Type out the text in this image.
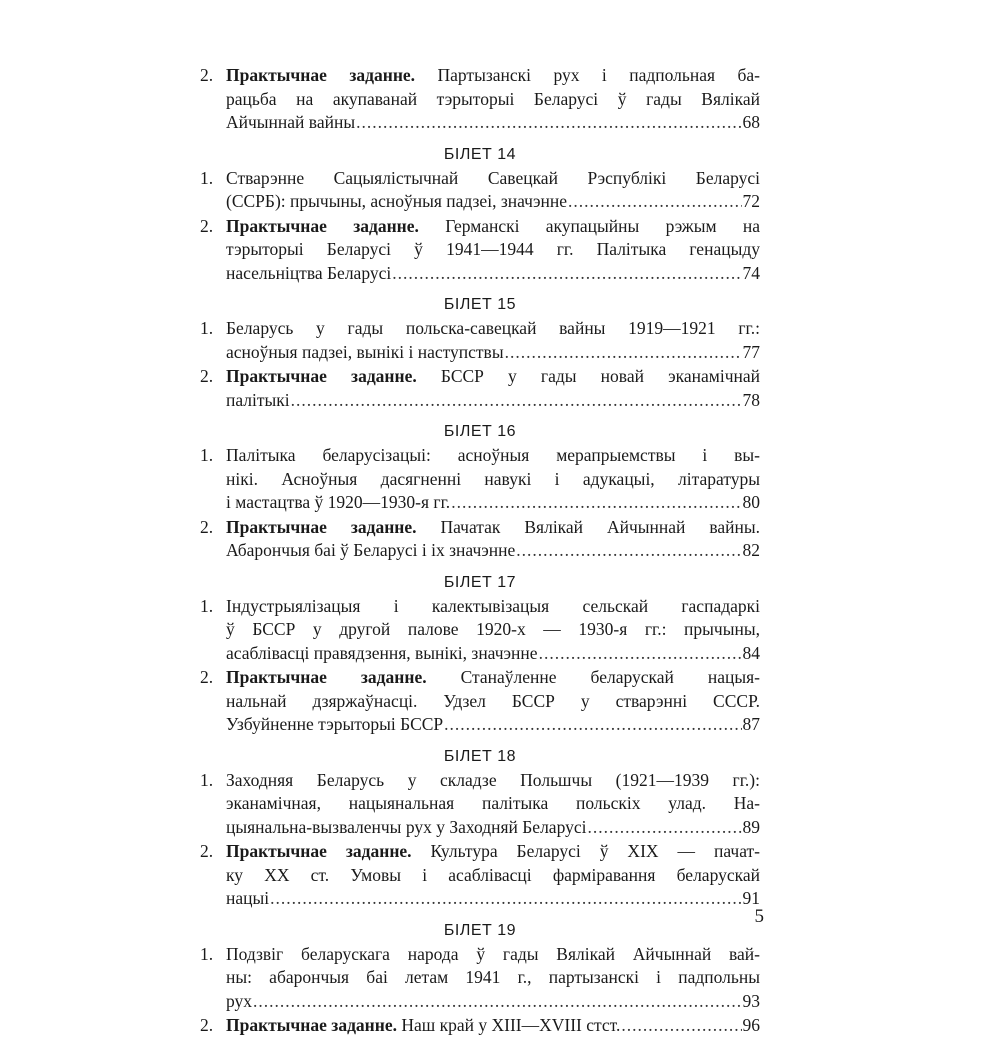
2. Практычнае заданне. Партызанскі рух і падпольная ба-
рацьба на акупаванай тэрыторыі Беларусі ў гады Вялікай
Айчыннай вайны .....	68
БІЛЕТ 14
1. Стварэнне Сацыялістычнай Савецкай Рэспублікі Беларусі
(ССРБ): прычыны, асноўныя падзеі, значэнне .....	72
2. Практычнае заданне. Германскі акупацыйны рэжым на
тэрыторыі Беларусі ў 1941—1944 гг. Палітыка генацыду
насельніцтва Беларусі .....	74
БІЛЕТ 15
1. Беларусь у гады польска-савецкай вайны 1919—1921 гг.:
асноўныя падзеі, вынікі і наступствы .....	77
2. Практычнае заданне. БССР у гады новай эканамічнай
палітыкі .....	78
БІЛЕТ 16
1. Палітыка беларусізацыі: асноўныя мерапрыемствы і вы-
нікі. Асноўныя дасягненні навукі і адукацыі, літаратуры
і мастацтва ў 1920—1930-я гг. .....	80
2. Практычнае заданне. Пачатак Вялікай Айчыннай вайны.
Абарончыя баі ў Беларусі і іх значэнне .....	82
БІЛЕТ 17
1. Індустрыялізацыя і калектывізацыя сельскай гаспадаркі
ў БССР у другой палове 1920-х — 1930-я гг.: прычыны,
асаблівасці правядзення, вынікі, значэнне .....	84
2. Практычнае заданне. Станаўленне беларускай нацыя-
нальнай дзяржаўнасці. Удзел БССР у стварэнні СССР.
Узбуйненне тэрыторыі БССР .....	87
БІЛЕТ 18
1. Заходняя Беларусь у складзе Польшчы (1921—1939 гг.):
эканамічная, нацыянальная палітыка польскіх улад. На-
цыянальна-вызваленчы рух у Заходняй Беларусі .....	89
2. Практычнае заданне. Культура Беларусі ў XIX — пачат-
ку XX ст. Умовы і асаблівасці фарміравання беларускай
нацыі .....	91
БІЛЕТ 19
1. Подзвіг беларускага народа ў гады Вялікай Айчыннай вай-
ны: абарончыя баі летам 1941 г., партызанскі і падпольны
рух .....	93
2. Практычнае заданне. Наш край у XIII—XVIII стст. .....	96
5
